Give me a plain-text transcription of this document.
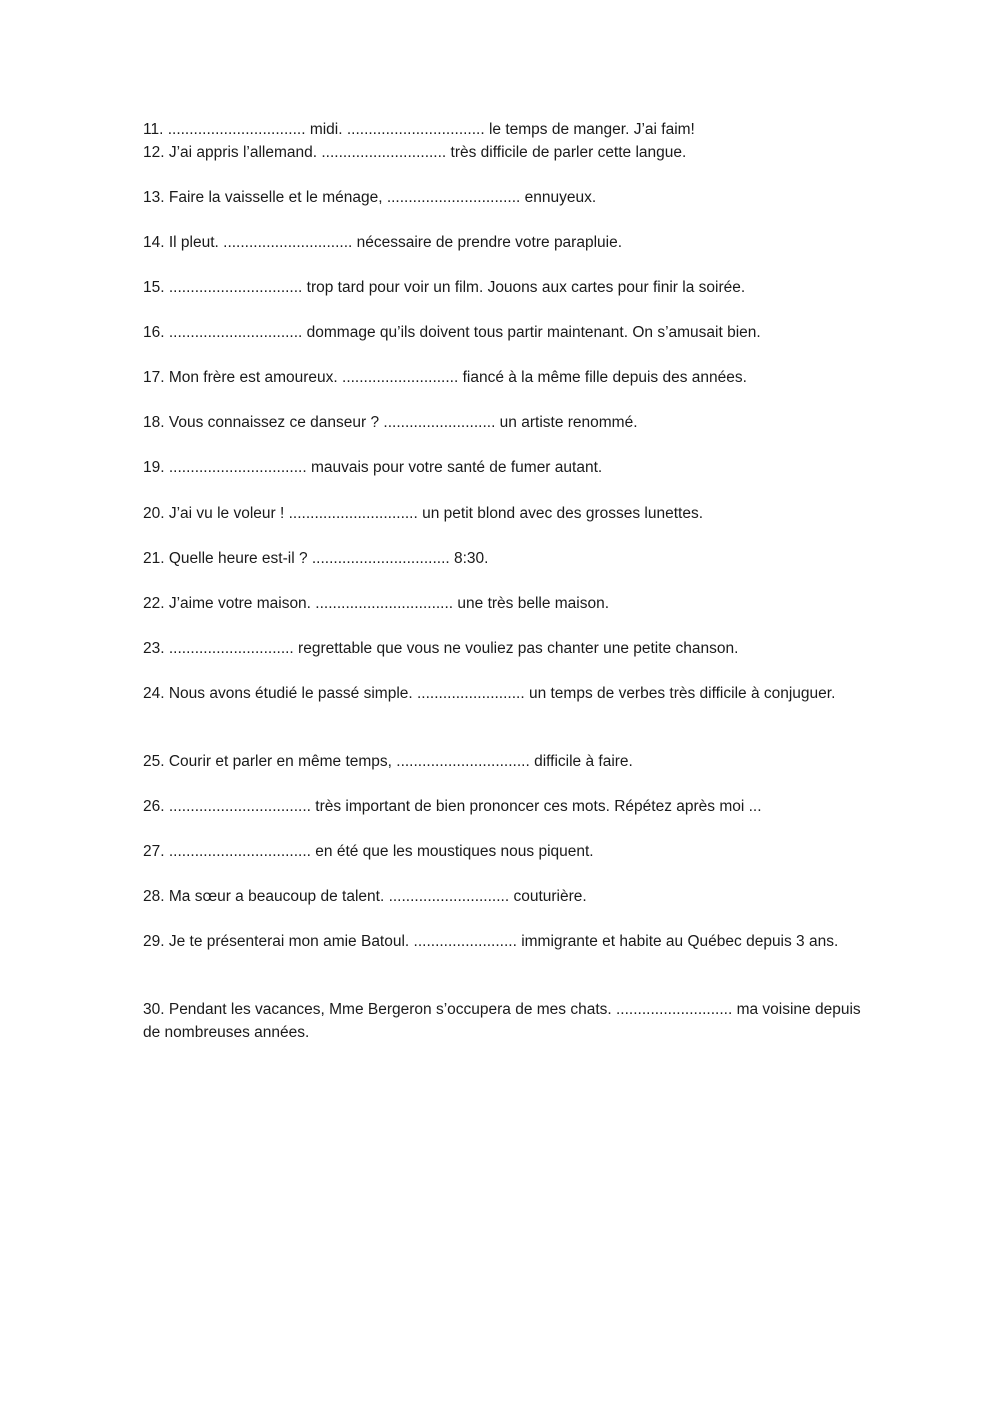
11. ................................ midi. ................................ le temps de manger. J’ai faim!

12. J’ai appris l’allemand. ............................. très difficile de parler cette langue.

13. Faire la vaisselle et le ménage, ............................... ennuyeux.

14. Il pleut. .............................. nécessaire de prendre votre parapluie.

15. ............................... trop tard pour voir un film. Jouons aux cartes pour finir la soirée.

16. ............................... dommage qu’ils doivent tous partir maintenant. On s’amusait bien.

17. Mon frère est amoureux. ........................... fiancé à la même fille depuis des années.

18. Vous connaissez ce danseur ? .......................... un artiste renommé.

19. ................................ mauvais pour votre santé de fumer autant.

20. J’ai vu le voleur ! .............................. un petit blond avec des grosses lunettes.

21. Quelle heure est-il ? ................................ 8:30.

22. J’aime votre maison. ................................ une très belle maison.

23. ............................. regrettable que vous ne vouliez pas chanter une petite chanson.

24. Nous avons étudié le passé simple. ......................... un temps de verbes très difficile à conjuguer.

25. Courir et parler en même temps, ............................... difficile à faire.

26. ................................. très important de bien prononcer ces mots. Répétez après moi ...

27. ................................. en été que les moustiques nous piquent.

28. Ma sœur a beaucoup de talent. ............................ couturière.

29. Je te présenterai mon amie Batoul. ........................ immigrante et habite au Québec depuis 3 ans.

30. Pendant les vacances, Mme Bergeron s’occupera de mes chats. ........................... ma voisine depuis de nombreuses années.
